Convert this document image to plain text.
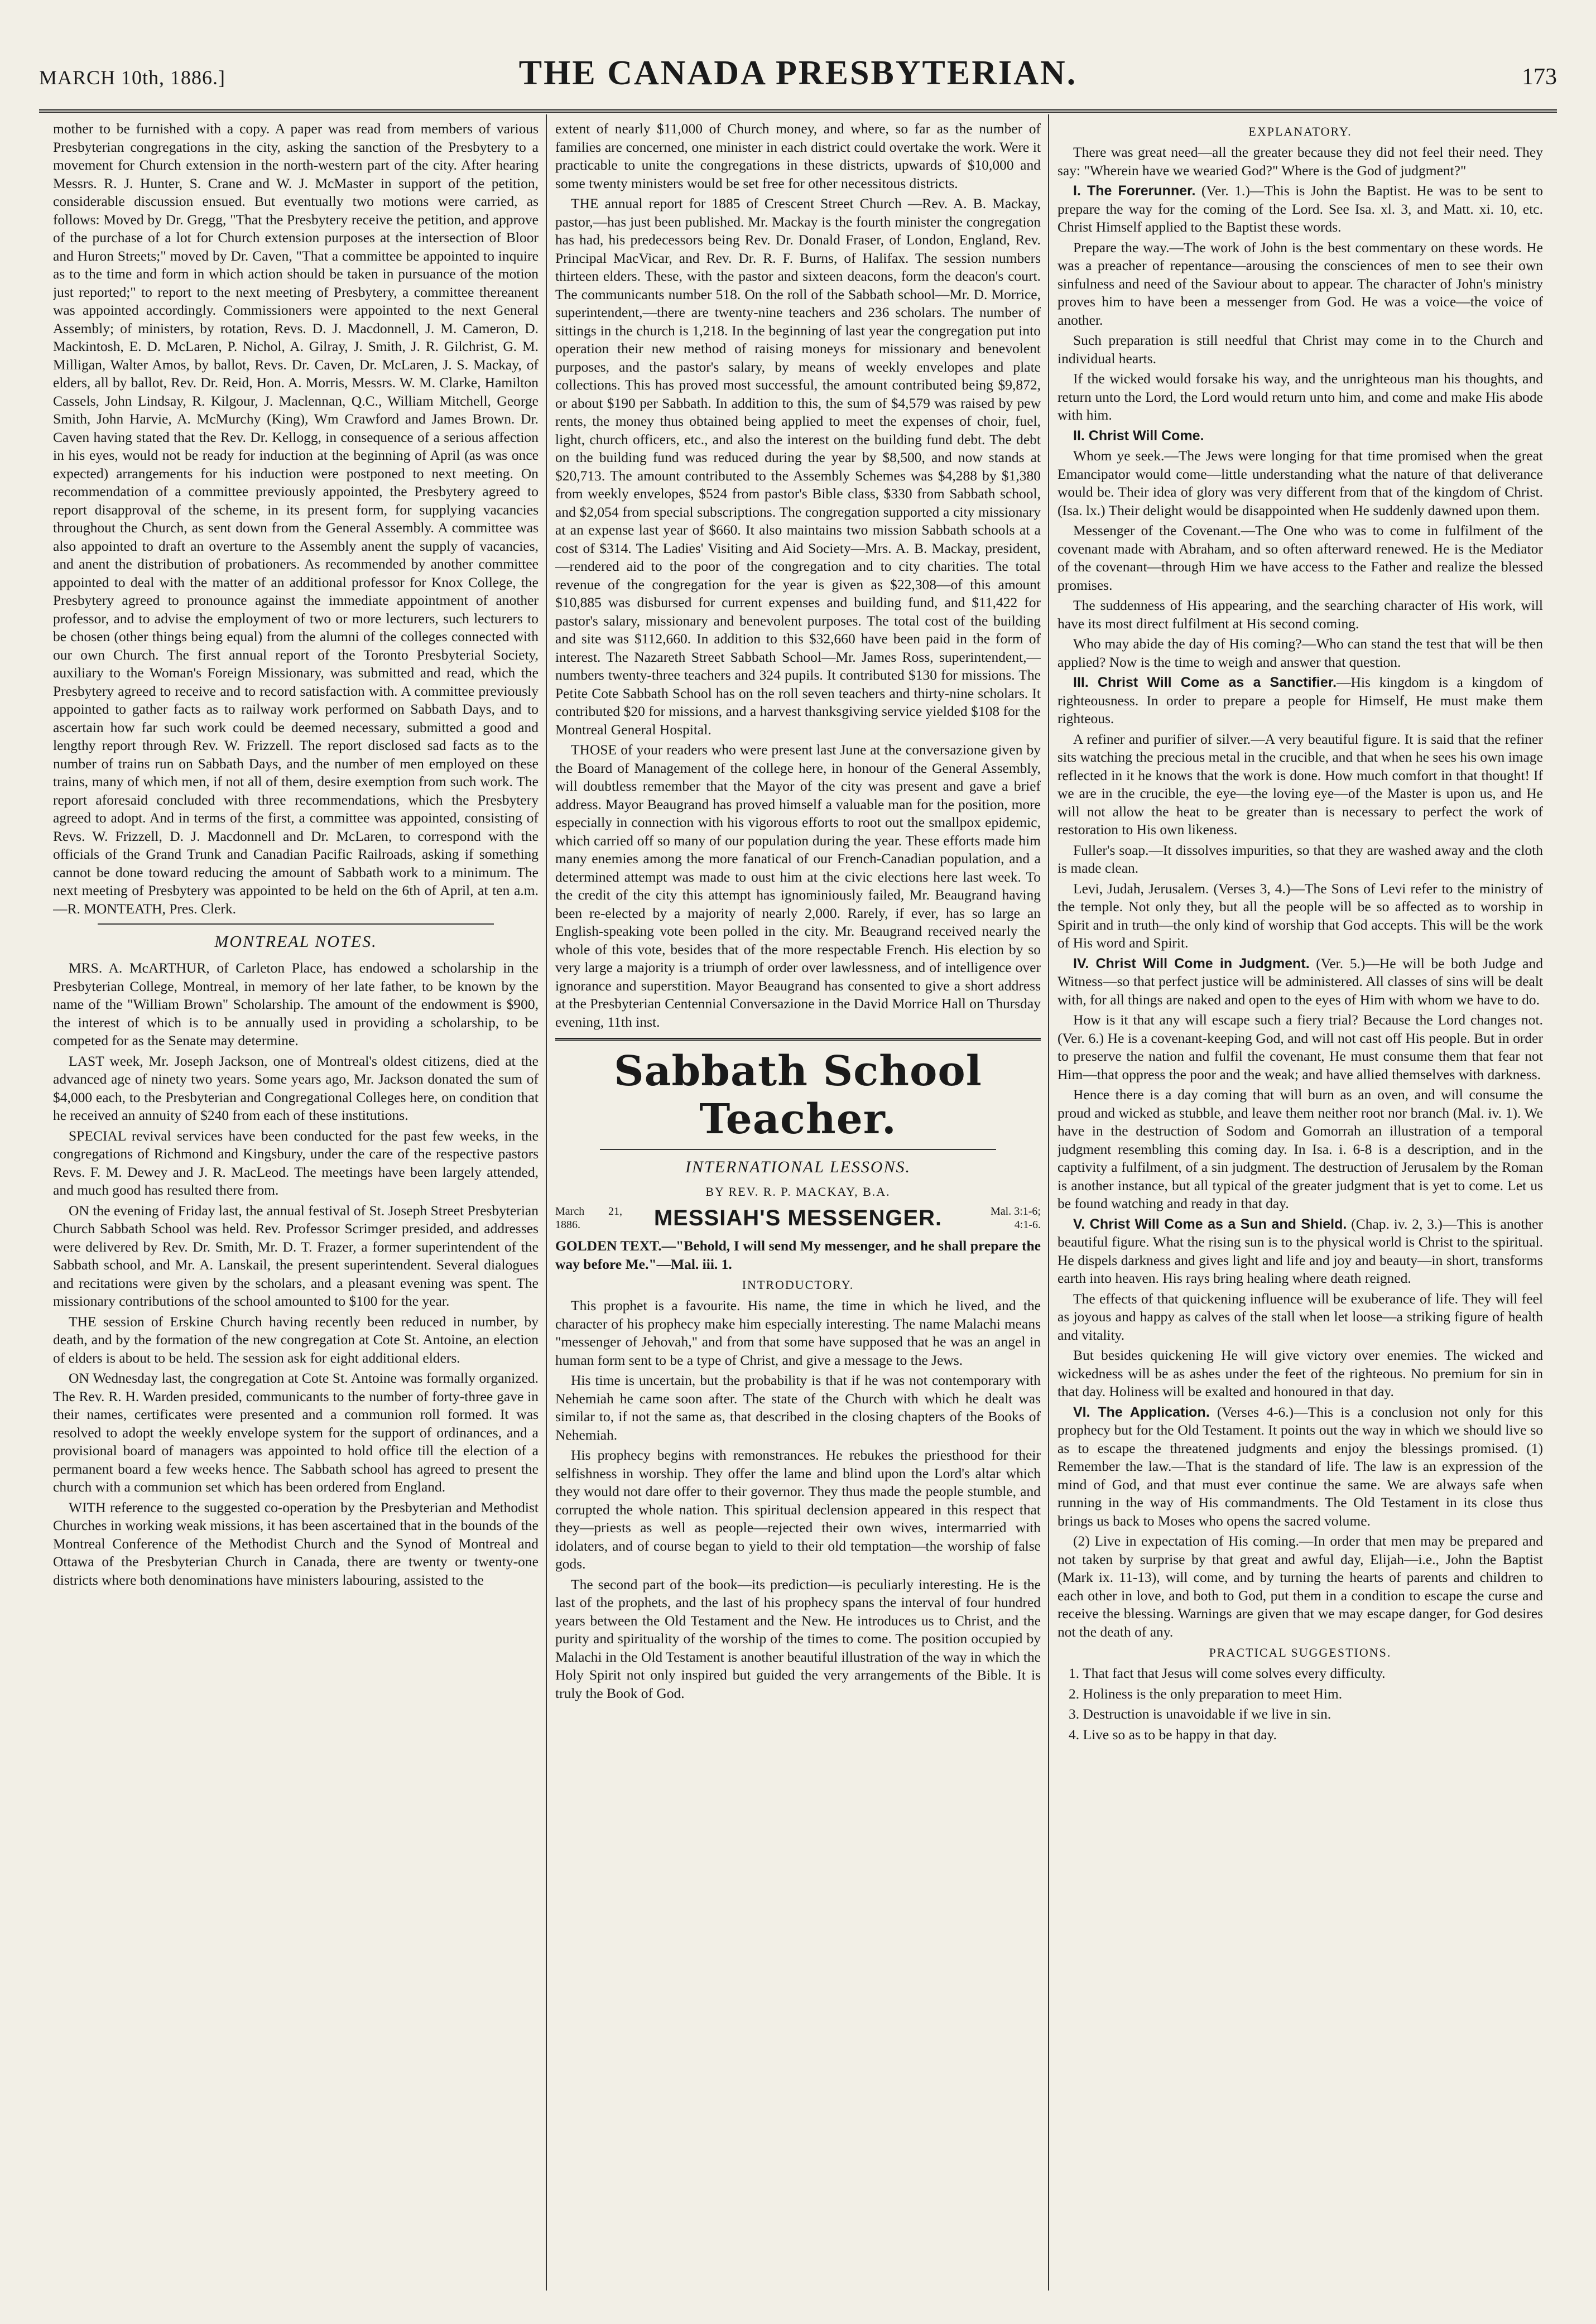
MARCH 10th, 1886.]	THE CANADA PRESBYTERIAN.	173

mother to be furnished with a copy. A paper was read from members of various Presbyterian congregations in the city, asking the sanction of the Presbytery to a movement for Church extension in the north-western part of the city. After hearing Messrs. R. J. Hunter, S. Crane and W. J. McMaster in support of the petition, considerable discussion ensued. But eventually two motions were carried, as follows: Moved by Dr. Gregg, "That the Presbytery receive the petition, and approve of the purchase of a lot for Church extension purposes at the intersection of Bloor and Huron Streets;" moved by Dr. Caven, "That a committee be appointed to inquire as to the time and form in which action should be taken in pursuance of the motion just reported;" to report to the next meeting of Presbytery, a committee thereanent was appointed accordingly. Commissioners were appointed to the next General Assembly; of ministers, by rotation, Revs. D. J. Macdonnell, J. M. Cameron, D. Mackintosh, E. D. McLaren, P. Nichol, A. Gilray, J. Smith, J. R. Gilchrist, G. M. Milligan, Walter Amos, by ballot, Revs. Dr. Caven, Dr. McLaren, J. S. Mackay, of elders, all by ballot, Rev. Dr. Reid, Hon. A. Morris, Messrs. W. M. Clarke, Hamilton Cassels, John Lindsay, R. Kilgour, J. Maclennan, Q.C., William Mitchell, George Smith, John Harvie, A. McMurchy (King), Wm Crawford and James Brown. Dr. Caven having stated that the Rev. Dr. Kellogg, in consequence of a serious affection in his eyes, would not be ready for induction at the beginning of April (as was once expected) arrangements for his induction were postponed to next meeting. On recommendation of a committee previously appointed, the Presbytery agreed to report disapproval of the scheme, in its present form, for supplying vacancies throughout the Church, as sent down from the General Assembly. A committee was also appointed to draft an overture to the Assembly anent the supply of vacancies, and anent the distribution of probationers. As recommended by another committee appointed to deal with the matter of an additional professor for Knox College, the Presbytery agreed to pronounce against the immediate appointment of another professor, and to advise the employment of two or more lecturers, such lecturers to be chosen (other things being equal) from the alumni of the colleges connected with our own Church. The first annual report of the Toronto Presbyterial Society, auxiliary to the Woman's Foreign Missionary, was submitted and read, which the Presbytery agreed to receive and to record satisfaction with. A committee previously appointed to gather facts as to railway work performed on Sabbath Days, and to ascertain how far such work could be deemed necessary, submitted a good and lengthy report through Rev. W. Frizzell. The report disclosed sad facts as to the number of trains run on Sabbath Days, and the number of men employed on these trains, many of which men, if not all of them, desire exemption from such work. The report aforesaid concluded with three recommendations, which the Presbytery agreed to adopt. And in terms of the first, a committee was appointed, consisting of Revs. W. Frizzell, D. J. Macdonnell and Dr. McLaren, to correspond with the officials of the Grand Trunk and Canadian Pacific Railroads, asking if something cannot be done toward reducing the amount of Sabbath work to a minimum. The next meeting of Presbytery was appointed to be held on the 6th of April, at ten a.m.—R. MONTEATH, Pres. Clerk.

MONTREAL NOTES.

MRS. A. McARTHUR, of Carleton Place, has endowed a scholarship in the Presbyterian College, Montreal, in memory of her late father, to be known by the name of the "William Brown" Scholarship. The amount of the endowment is $900, the interest of which is to be annually used in providing a scholarship, to be competed for as the Senate may determine.

LAST week, Mr. Joseph Jackson, one of Montreal's oldest citizens, died at the advanced age of ninety two years. Some years ago, Mr. Jackson donated the sum of $4,000 each, to the Presbyterian and Congregational Colleges here, on condition that he received an annuity of $240 from each of these institutions.

SPECIAL revival services have been conducted for the past few weeks, in the congregations of Richmond and Kingsbury, under the care of the respective pastors Revs. F. M. Dewey and J. R. MacLeod. The meetings have been largely attended, and much good has resulted there from.

ON the evening of Friday last, the annual festival of St. Joseph Street Presbyterian Church Sabbath School was held. Rev. Professor Scrimger presided, and addresses were delivered by Rev. Dr. Smith, Mr. D. T. Frazer, a former superintendent of the Sabbath school, and Mr. A. Lanskail, the present superintendent. Several dialogues and recitations were given by the scholars, and a pleasant evening was spent. The missionary contributions of the school amounted to $100 for the year.

THE session of Erskine Church having recently been reduced in number, by death, and by the formation of the new congregation at Cote St. Antoine, an election of elders is about to be held. The session ask for eight additional elders.

ON Wednesday last, the congregation at Cote St. Antoine was formally organized. The Rev. R. H. Warden presided, communicants to the number of forty-three gave in their names, certificates were presented and a communion roll formed. It was resolved to adopt the weekly envelope system for the support of ordinances, and a provisional board of managers was appointed to hold office till the election of a permanent board a few weeks hence. The Sabbath school has agreed to present the church with a communion set which has been ordered from England.

WITH reference to the suggested co-operation by the Presbyterian and Methodist Churches in working weak missions, it has been ascertained that in the bounds of the Montreal Conference of the Methodist Church and the Synod of Montreal and Ottawa of the Presbyterian Church in Canada, there are twenty or twenty-one districts where both denominations have ministers labouring, assisted to the

extent of nearly $11,000 of Church money, and where, so far as the number of families are concerned, one minister in each district could overtake the work. Were it practicable to unite the congregations in these districts, upwards of $10,000 and some twenty ministers would be set free for other necessitous districts.

THE annual report for 1885 of Crescent Street Church —Rev. A. B. Mackay, pastor,—has just been published. Mr. Mackay is the fourth minister the congregation has had, his predecessors being Rev. Dr. Donald Fraser, of London, England, Rev. Principal MacVicar, and Rev. Dr. R. F. Burns, of Halifax. The session numbers thirteen elders. These, with the pastor and sixteen deacons, form the deacon's court. The communicants number 518. On the roll of the Sabbath school—Mr. D. Morrice, superintendent,—there are twenty-nine teachers and 236 scholars. The number of sittings in the church is 1,218. In the beginning of last year the congregation put into operation their new method of raising moneys for missionary and benevolent purposes, and the pastor's salary, by means of weekly envelopes and plate collections. This has proved most successful, the amount contributed being $9,872, or about $190 per Sabbath. In addition to this, the sum of $4,579 was raised by pew rents, the money thus obtained being applied to meet the expenses of choir, fuel, light, church officers, etc., and also the interest on the building fund debt. The debt on the building fund was reduced during the year by $8,500, and now stands at $20,713. The amount contributed to the Assembly Schemes was $4,288 by $1,380 from weekly envelopes, $524 from pastor's Bible class, $330 from Sabbath school, and $2,054 from special subscriptions. The congregation supported a city missionary at an expense last year of $660. It also maintains two mission Sabbath schools at a cost of $314. The Ladies' Visiting and Aid Society—Mrs. A. B. Mackay, president,—rendered aid to the poor of the congregation and to city charities. The total revenue of the congregation for the year is given as $22,308—of this amount $10,885 was disbursed for current expenses and building fund, and $11,422 for pastor's salary, missionary and benevolent purposes. The total cost of the building and site was $112,660. In addition to this $32,660 have been paid in the form of interest. The Nazareth Street Sabbath School—Mr. James Ross, superintendent,—numbers twenty-three teachers and 324 pupils. It contributed $130 for missions. The Petite Cote Sabbath School has on the roll seven teachers and thirty-nine scholars. It contributed $20 for missions, and a harvest thanksgiving service yielded $108 for the Montreal General Hospital.

THOSE of your readers who were present last June at the conversazione given by the Board of Management of the college here, in honour of the General Assembly, will doubtless remember that the Mayor of the city was present and gave a brief address. Mayor Beaugrand has proved himself a valuable man for the position, more especially in connection with his vigorous efforts to root out the smallpox epidemic, which carried off so many of our population during the year. These efforts made him many enemies among the more fanatical of our French-Canadian population, and a determined attempt was made to oust him at the civic elections here last week. To the credit of the city this attempt has ignominiously failed, Mr. Beaugrand having been re-elected by a majority of nearly 2,000. Rarely, if ever, has so large an English-speaking vote been polled in the city. Mr. Beaugrand received nearly the whole of this vote, besides that of the more respectable French. His election by so very large a majority is a triumph of order over lawlessness, and of intelligence over ignorance and superstition. Mayor Beaugrand has consented to give a short address at the Presbyterian Centennial Conversazione in the David Morrice Hall on Thursday evening, 11th inst.

Sabbath School Teacher.
INTERNATIONAL LESSONS.
BY REV. R. P. MACKAY, B.A.
March 21, 1886.	MESSIAH'S MESSENGER.	Mal. 3:1-6; 4:1-6.

GOLDEN TEXT.—"Behold, I will send My messenger, and he shall prepare the way before Me."—Mal. iii. 1.

INTRODUCTORY.

This prophet is a favourite. His name, the time in which he lived, and the character of his prophecy make him especially interesting. The name Malachi means "messenger of Jehovah," and from that some have supposed that he was an angel in human form sent to be a type of Christ, and give a message to the Jews.

His time is uncertain, but the probability is that if he was not contemporary with Nehemiah he came soon after. The state of the Church with which he dealt was similar to, if not the same as, that described in the closing chapters of the Books of Nehemiah.

His prophecy begins with remonstrances. He rebukes the priesthood for their selfishness in worship. They offer the lame and blind upon the Lord's altar which they would not dare offer to their governor. They thus made the people stumble, and corrupted the whole nation. This spiritual declension appeared in this respect that they—priests as well as people—rejected their own wives, intermarried with idolaters, and of course began to yield to their old temptation—the worship of false gods.

The second part of the book—its prediction—is peculiarly interesting. He is the last of the prophets, and the last of his prophecy spans the interval of four hundred years between the Old Testament and the New. He introduces us to Christ, and the purity and spirituality of the worship of the times to come. The position occupied by Malachi in the Old Testament is another beautiful illustration of the way in which the Holy Spirit not only inspired but guided the very arrangements of the Bible. It is truly the Book of God.

EXPLANATORY.

There was great need—all the greater because they did not feel their need. They say: "Wherein have we wearied God?" Where is the God of judgment?"

I. The Forerunner. (Ver. 1.)—This is John the Baptist. He was to be sent to prepare the way for the coming of the Lord. See Isa. xl. 3, and Matt. xi. 10, etc. Christ Himself applied to the Baptist these words.

Prepare the way.—The work of John is the best commentary on these words. He was a preacher of repentance—arousing the consciences of men to see their own sinfulness and need of the Saviour about to appear. The character of John's ministry proves him to have been a messenger from God. He was a voice—the voice of another.

Such preparation is still needful that Christ may come in to the Church and individual hearts.

If the wicked would forsake his way, and the unrighteous man his thoughts, and return unto the Lord, the Lord would return unto him, and come and make His abode with him.

II. Christ Will Come.

Whom ye seek.—The Jews were longing for that time promised when the great Emancipator would come—little understanding what the nature of that deliverance would be. Their idea of glory was very different from that of the kingdom of Christ. (Isa. lx.) Their delight would be disappointed when He suddenly dawned upon them.

Messenger of the Covenant.—The One who was to come in fulfilment of the covenant made with Abraham, and so often afterward renewed. He is the Mediator of the covenant—through Him we have access to the Father and realize the blessed promises.

The suddenness of His appearing, and the searching character of His work, will have its most direct fulfilment at His second coming.

Who may abide the day of His coming?—Who can stand the test that will be then applied? Now is the time to weigh and answer that question.

III. Christ Will Come as a Sanctifier.—His kingdom is a kingdom of righteousness. In order to prepare a people for Himself, He must make them righteous.

A refiner and purifier of silver.—A very beautiful figure. It is said that the refiner sits watching the precious metal in the crucible, and that when he sees his own image reflected in it he knows that the work is done. How much comfort in that thought! If we are in the crucible, the eye—the loving eye—of the Master is upon us, and He will not allow the heat to be greater than is necessary to perfect the work of restoration to His own likeness.

Fuller's soap.—It dissolves impurities, so that they are washed away and the cloth is made clean.

Levi, Judah, Jerusalem. (Verses 3, 4.)—The Sons of Levi refer to the ministry of the temple. Not only they, but all the people will be so affected as to worship in Spirit and in truth—the only kind of worship that God accepts. This will be the work of His word and Spirit.

IV. Christ Will Come in Judgment. (Ver. 5.)—He will be both Judge and Witness—so that perfect justice will be administered. All classes of sins will be dealt with, for all things are naked and open to the eyes of Him with whom we have to do.

How is it that any will escape such a fiery trial? Because the Lord changes not. (Ver. 6.) He is a covenant-keeping God, and will not cast off His people. But in order to preserve the nation and fulfil the covenant, He must consume them that fear not Him—that oppress the poor and the weak; and have allied themselves with darkness.

Hence there is a day coming that will burn as an oven, and will consume the proud and wicked as stubble, and leave them neither root nor branch (Mal. iv. 1). We have in the destruction of Sodom and Gomorrah an illustration of a temporal judgment resembling this coming day. In Isa. i. 6-8 is a description, and in the captivity a fulfilment, of a sin judgment. The destruction of Jerusalem by the Roman is another instance, but all typical of the greater judgment that is yet to come. Let us be found watching and ready in that day.

V. Christ Will Come as a Sun and Shield. (Chap. iv. 2, 3.)—This is another beautiful figure. What the rising sun is to the physical world is Christ to the spiritual. He dispels darkness and gives light and life and joy and beauty—in short, transforms earth into heaven. His rays bring healing where death reigned.

The effects of that quickening influence will be exuberance of life. They will feel as joyous and happy as calves of the stall when let loose—a striking figure of health and vitality.

But besides quickening He will give victory over enemies. The wicked and wickedness will be as ashes under the feet of the righteous. No premium for sin in that day. Holiness will be exalted and honoured in that day.

VI. The Application. (Verses 4-6.)—This is a conclusion not only for this prophecy but for the Old Testament. It points out the way in which we should live so as to escape the threatened judgments and enjoy the blessings promised. (1) Remember the law.—That is the standard of life. The law is an expression of the mind of God, and that must ever continue the same. We are always safe when running in the way of His commandments. The Old Testament in its close thus brings us back to Moses who opens the sacred volume.

(2) Live in expectation of His coming.—In order that men may be prepared and not taken by surprise by that great and awful day, Elijah—i.e., John the Baptist (Mark ix. 11-13), will come, and by turning the hearts of parents and children to each other in love, and both to God, put them in a condition to escape the curse and receive the blessing. Warnings are given that we may escape danger, for God desires not the death of any.

PRACTICAL SUGGESTIONS.

1. That fact that Jesus will come solves every difficulty.

2. Holiness is the only preparation to meet Him.

3. Destruction is unavoidable if we live in sin.

4. Live so as to be happy in that day.
